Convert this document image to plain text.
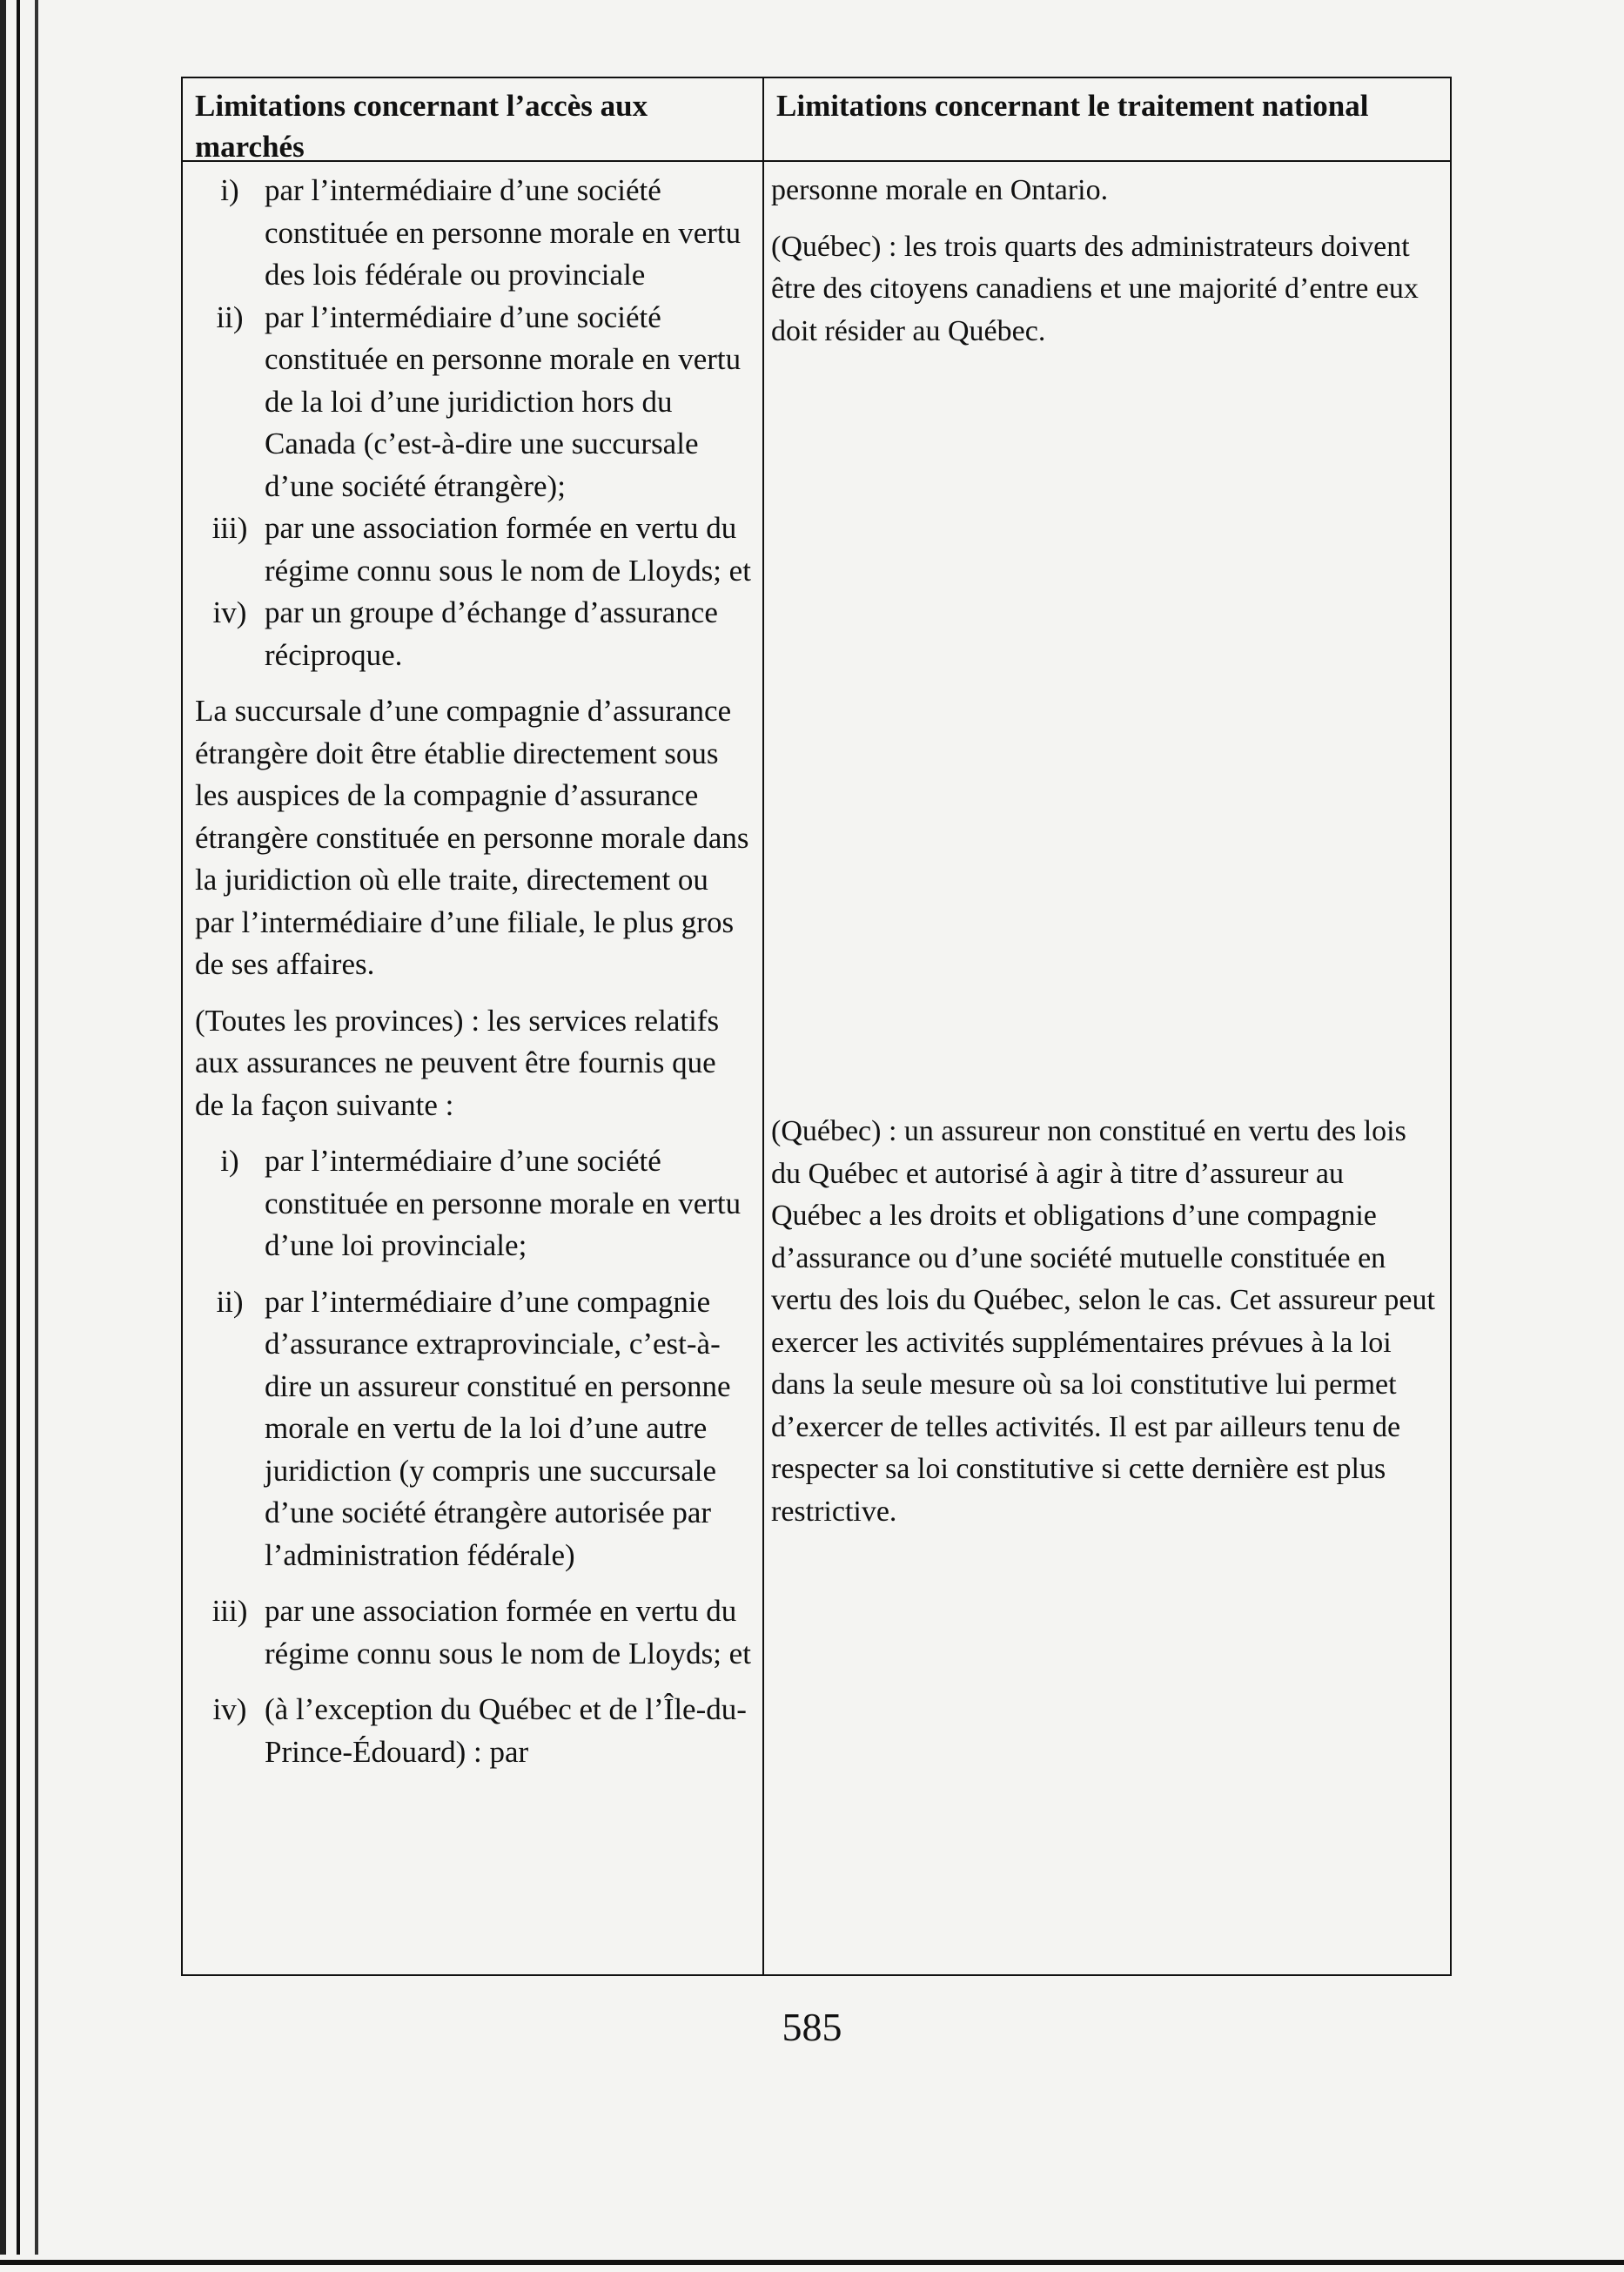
Limitations concernant l’accès aux marchés
Limitations concernant le traitement national
i) par l’intermédiaire d’une société constituée en personne morale en vertu des lois fédérale ou provinciale
ii) par l’intermédiaire d’une société constituée en personne morale en vertu de la loi d’une juridiction hors du Canada (c’est-à-dire une succursale d’une société étrangère);
iii) par une association formée en vertu du régime connu sous le nom de Lloyds; et
iv) par un groupe d’échange d’assurance réciproque.
La succursale d’une compagnie d’assurance étrangère doit être établie directement sous les auspices de la compagnie d’assurance étrangère constituée en personne morale dans la juridiction où elle traite, directement ou par l’intermédiaire d’une filiale, le plus gros de ses affaires.
(Toutes les provinces) : les services relatifs aux assurances ne peuvent être fournis que de la façon suivante :
i) par l’intermédiaire d’une société constituée en personne morale en vertu d’une loi provinciale;
ii) par l’intermédiaire d’une compagnie d’assurance extraprovinciale, c’est-à-dire un assureur constitué en personne morale en vertu de la loi d’une autre juridiction (y compris une succursale d’une société étrangère autorisée par l’administration fédérale)
iii) par une association formée en vertu du régime connu sous le nom de Lloyds; et
iv) (à l’exception du Québec et de l’Île-du-Prince-Édouard) : par

personne morale en Ontario.

(Québec) : les trois quarts des administrateurs doivent être des citoyens canadiens et une majorité d’entre eux doit résider au Québec.

(Québec) : un assureur non constitué en vertu des lois du Québec et autorisé à agir à titre d’assureur au Québec a les droits et obligations d’une compagnie d’assurance ou d’une société mutuelle constituée en vertu des lois du Québec, selon le cas. Cet assureur peut exercer les activités supplémentaires prévues à la loi dans la seule mesure où sa loi constitutive lui permet d’exercer de telles activités. Il est par ailleurs tenu de respecter sa loi constitutive si cette dernière est plus restrictive.

585
